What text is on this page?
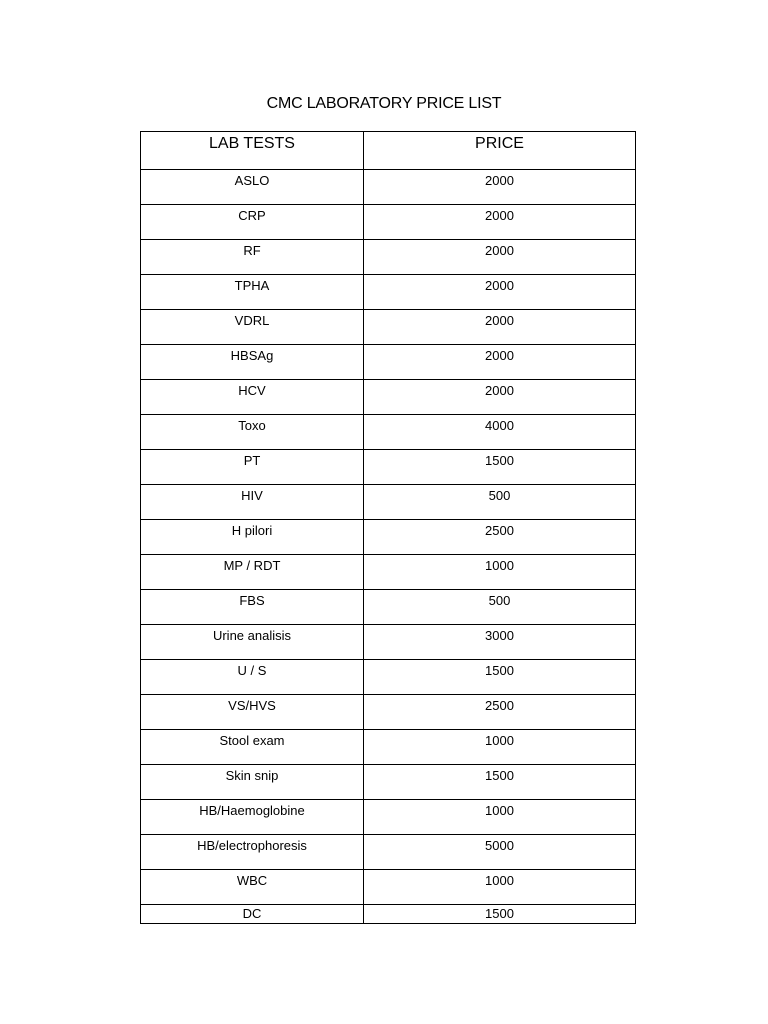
CMC LABORATORY PRICE LIST
LAB TESTS	PRICE
ASLO	2000
CRP	2000
RF	2000
TPHA	2000
VDRL	2000
HBSAg	2000
HCV	2000
Toxo	4000
PT	1500
HIV	500
H pilori	2500
MP / RDT	1000
FBS	500
Urine analisis	3000
U / S	1500
VS/HVS	2500
Stool exam	1000
Skin snip	1500
HB/Haemoglobine	1000
HB/electrophoresis	5000
WBC	1000
DC	1500
